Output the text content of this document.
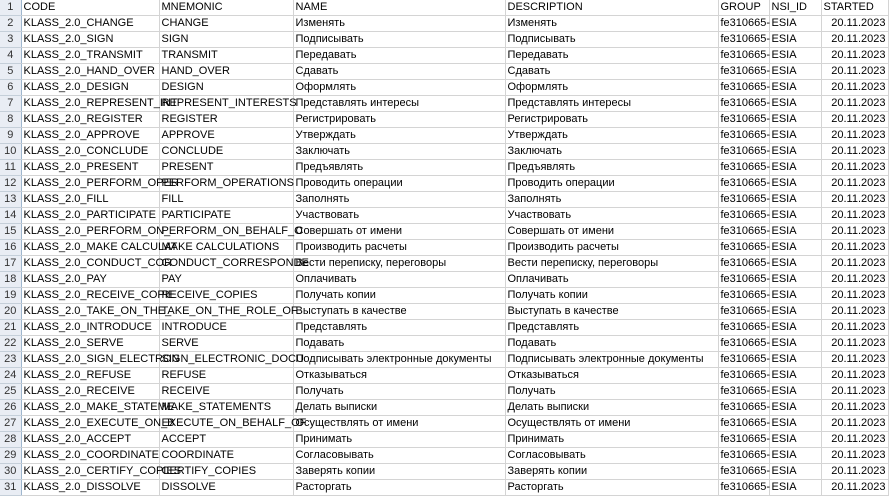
1	CODE	MNEMONIC	NAME	DESCRIPTION	GROUP	NSI_ID	STARTED
2	KLASS_2.0_CHANGE	CHANGE	Изменять	Изменять	fe310665-	ESIA	20.11.2023
3	KLASS_2.0_SIGN	SIGN	Подписывать	Подписывать	fe310665-	ESIA	20.11.2023
4	KLASS_2.0_TRANSMIT	TRANSMIT	Передавать	Передавать	fe310665-	ESIA	20.11.2023
5	KLASS_2.0_HAND_OVER	HAND_OVER	Сдавать	Сдавать	fe310665-	ESIA	20.11.2023
6	KLASS_2.0_DESIGN	DESIGN	Оформлять	Оформлять	fe310665-	ESIA	20.11.2023
7	KLASS_2.0_REPRESENT_INT	REPRESENT_INTERESTS	Представлять интересы	Представлять интересы	fe310665-	ESIA	20.11.2023
8	KLASS_2.0_REGISTER	REGISTER	Регистрировать	Регистрировать	fe310665-	ESIA	20.11.2023
9	KLASS_2.0_APPROVE	APPROVE	Утверждать	Утверждать	fe310665-	ESIA	20.11.2023
10	KLASS_2.0_CONCLUDE	CONCLUDE	Заключать	Заключать	fe310665-	ESIA	20.11.2023
11	KLASS_2.0_PRESENT	PRESENT	Предъявлять	Предъявлять	fe310665-	ESIA	20.11.2023
12	KLASS_2.0_PERFORM_OPER	PERFORM_OPERATIONS	Проводить операции	Проводить операции	fe310665-	ESIA	20.11.2023
13	KLASS_2.0_FILL	FILL	Заполнять	Заполнять	fe310665-	ESIA	20.11.2023
14	KLASS_2.0_PARTICIPATE	PARTICIPATE	Участвовать	Участвовать	fe310665-	ESIA	20.11.2023
15	KLASS_2.0_PERFORM_ON_	PERFORM_ON_BEHALF_O	Совершать от имени	Совершать от имени	fe310665-	ESIA	20.11.2023
16	KLASS_2.0_MAKE CALCULAT	MAKE CALCULATIONS	Производить расчеты	Производить расчеты	fe310665-	ESIA	20.11.2023
17	KLASS_2.0_CONDUCT_COR	CONDUCT_CORRESPONDE	Вести переписку, переговоры	Вести переписку, переговоры	fe310665-	ESIA	20.11.2023
18	KLASS_2.0_PAY	PAY	Оплачивать	Оплачивать	fe310665-	ESIA	20.11.2023
19	KLASS_2.0_RECEIVE_COPIE	RECEIVE_COPIES	Получать копии	Получать копии	fe310665-	ESIA	20.11.2023
20	KLASS_2.0_TAKE_ON_THE_	TAKE_ON_THE_ROLE_OF	Выступать в качестве	Выступать в качестве	fe310665-	ESIA	20.11.2023
21	KLASS_2.0_INTRODUCE	INTRODUCE	Представлять	Представлять	fe310665-	ESIA	20.11.2023
22	KLASS_2.0_SERVE	SERVE	Подавать	Подавать	fe310665-	ESIA	20.11.2023
23	KLASS_2.0_SIGN_ELECTRON	SIGN_ELECTRONIC_DOCU	Подписывать электронные документы	Подписывать электронные документы	fe310665-	ESIA	20.11.2023
24	KLASS_2.0_REFUSE	REFUSE	Отказываться	Отказываться	fe310665-	ESIA	20.11.2023
25	KLASS_2.0_RECEIVE	RECEIVE	Получать	Получать	fe310665-	ESIA	20.11.2023
26	KLASS_2.0_MAKE_STATEME	MAKE_STATEMENTS	Делать выписки	Делать выписки	fe310665-	ESIA	20.11.2023
27	KLASS_2.0_EXECUTE_ON_B	EXECUTE_ON_BEHALF_OF	Осуществлять от имени	Осуществлять от имени	fe310665-	ESIA	20.11.2023
28	KLASS_2.0_ACCEPT	ACCEPT	Принимать	Принимать	fe310665-	ESIA	20.11.2023
29	KLASS_2.0_COORDINATE	COORDINATE	Согласовывать	Согласовывать	fe310665-	ESIA	20.11.2023
30	KLASS_2.0_CERTIFY_COPIES	CERTIFY_COPIES	Заверять копии	Заверять копии	fe310665-	ESIA	20.11.2023
31	KLASS_2.0_DISSOLVE	DISSOLVE	Расторгать	Расторгать	fe310665-	ESIA	20.11.2023
